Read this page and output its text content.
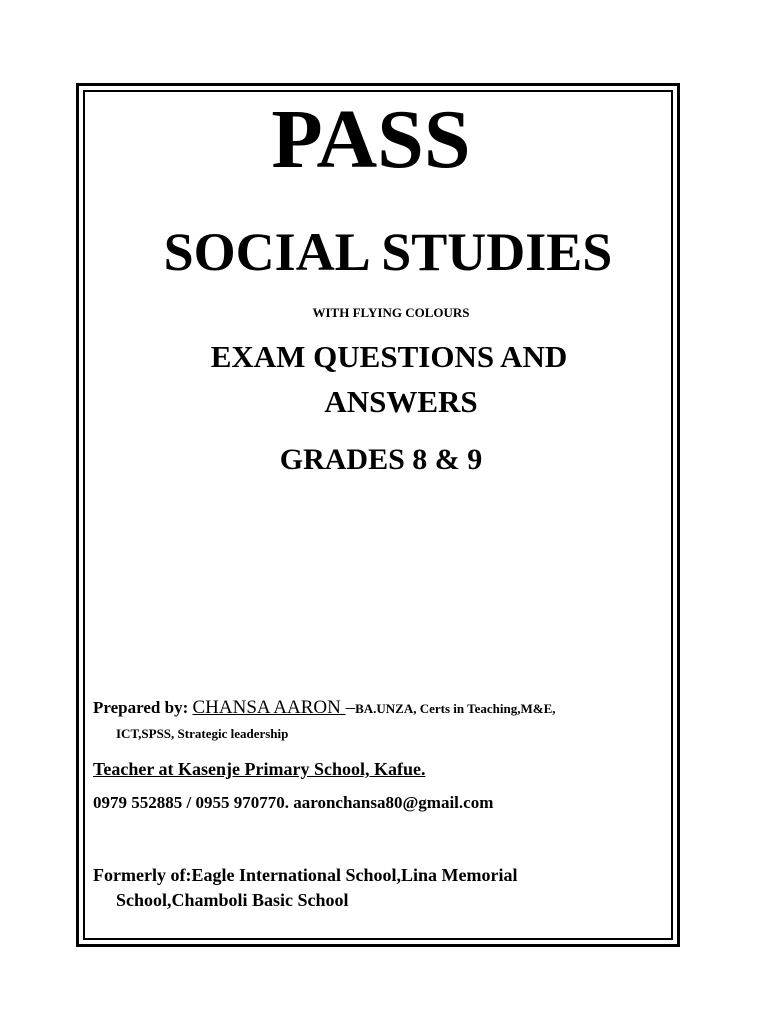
PASS
SOCIAL STUDIES
WITH FLYING COLOURS
EXAM QUESTIONS AND
ANSWERS
GRADES 8 & 9
Prepared by: CHANSA AARON –BA.UNZA, Certs in Teaching,M&E,
ICT,SPSS, Strategic leadership
Teacher at Kasenje Primary School, Kafue.
0979 552885 / 0955 970770. aaronchansa80@gmail.com
Formerly of:Eagle International School,Lina Memorial
School,Chamboli Basic School
